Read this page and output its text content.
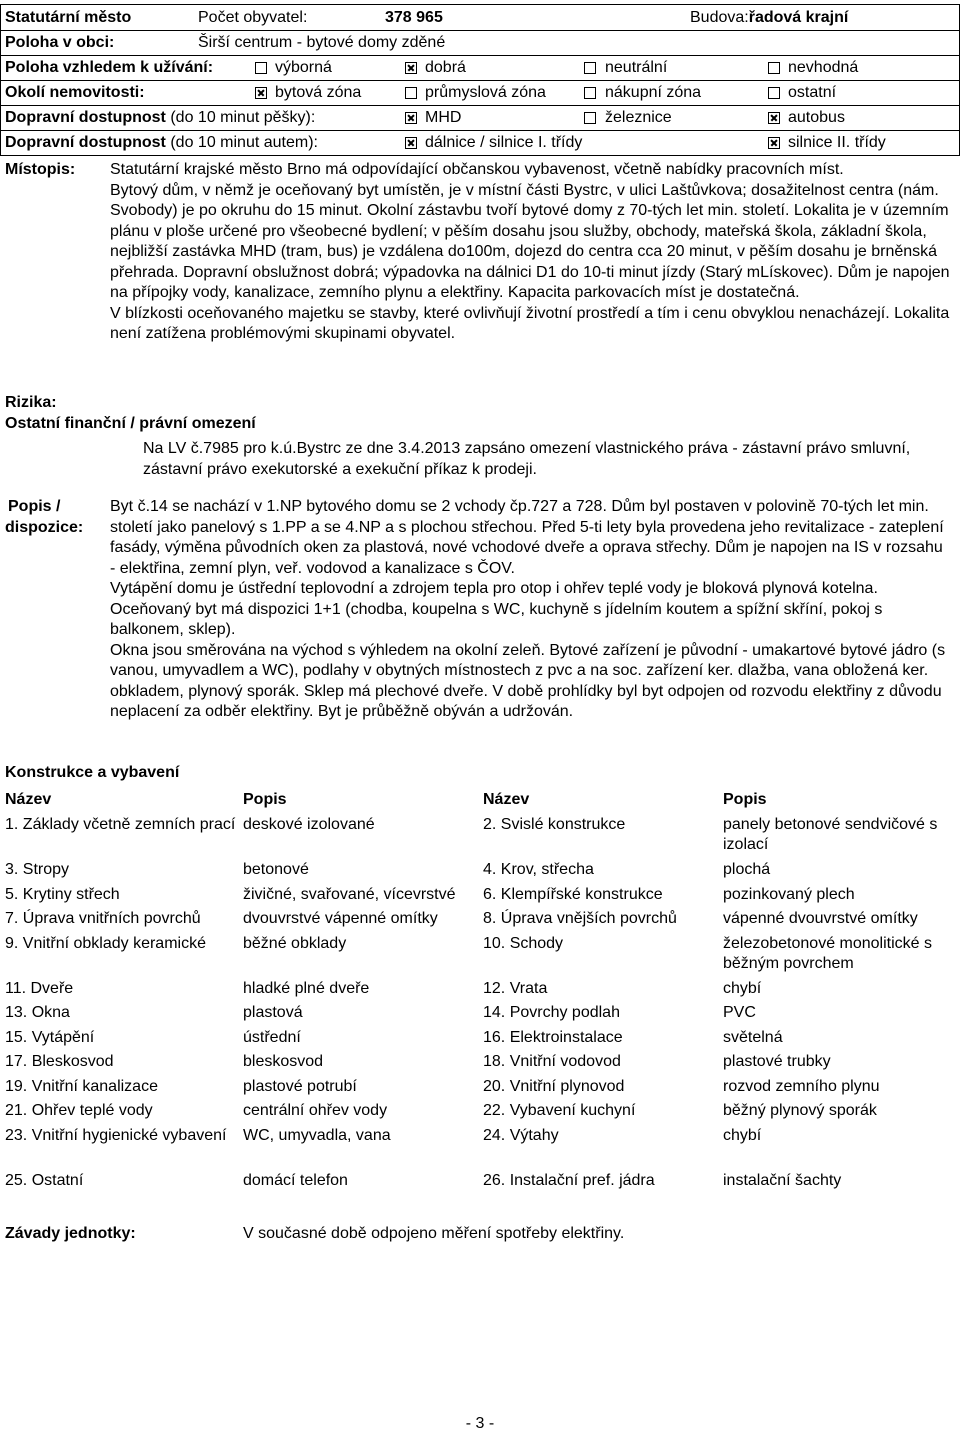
Statutární město	Počet obyvatel:	378 965	Budova:řadová krajní
Poloha v obci:	Širší centrum - bytové domy zděné
Poloha vzhledem k užívání:	výborná	dobrá	neutrální	nevhodná
Okolí nemovitosti:	bytová zóna	průmyslová zóna	nákupní zóna	ostatní
Dopravní dostupnost (do 10 minut pěšky):	MHD	železnice	autobus
Dopravní dostupnost (do 10 minut autem):	dálnice / silnice I. třídy	silnice II. třídy
Místopis: Statutární krajské město Brno má odpovídající občanskou vybavenost, včetně nabídky pracovních míst.

Bytový dům, v němž je oceňovaný byt umístěn, je v místní části Bystrc, v ulici Laštůvkova; dosažitelnost centra (nám. Svobody) je po okruhu do 15 minut. Okolní zástavbu tvoří bytové domy z 70-tých let min. století. Lokalita je v územním plánu v ploše určené pro všeobecné bydlení; v pěším dosahu jsou služby, obchody, mateřská škola, základní škola, nejbližší zastávka MHD (tram, bus) je vzdálena do100m, dojezd do centra cca 20 minut, v pěším dosahu je brněnská přehrada. Dopravní obslužnost dobrá; výpadovka na dálnici D1 do 10-ti minut jízdy (Starý mLískovec). Dům je napojen na přípojky vody, kanalizace, zemního plynu a elektřiny. Kapacita parkovacích míst je dostatečná.

V blízkosti oceňovaného majetku se stavby, které ovlivňují životní prostředí a tím i cenu obvyklou nenacházejí. Lokalita není zatížena problémovými skupinami obyvatel.

Rizika:
Ostatní finanční / právní omezení
Na LV č.7985 pro k.ú.Bystrc ze dne 3.4.2013 zapsáno omezení vlastnického práva - zástavní právo smluvní, zástavní právo exekutorské a exekuční příkaz k prodeji.
Popis /
dispozice:

Byt č.14 se nachází v 1.NP bytového domu se 2 vchody čp.727 a 728. Dům byl postaven v polovině 70-tých let min. století jako panelový s 1.PP a se 4.NP a s plochou střechou. Před 5-ti lety byla provedena jeho revitalizace - zateplení fasády, výměna původních oken za plastová, nové vchodové dveře a oprava střechy. Dům je napojen na IS v rozsahu - elektřina, zemní plyn, veř. vodovod a kanalizace s ČOV.

Vytápění domu je ústřední teplovodní a zdrojem tepla pro otop i ohřev teplé vody je bloková plynová kotelna.

Oceňovaný byt má dispozici 1+1 (chodba, koupelna s WC, kuchyně s jídelním koutem a spížní skříní, pokoj s balkonem, sklep).

Okna jsou směrována na východ s výhledem na okolní zeleň. Bytové zařízení je původní - umakartové bytové jádro (s vanou, umyvadlem a WC), podlahy v obytných místnostech z pvc a na soc. zařízení ker. dlažba, vana obložená ker. obkladem, plynový sporák. Sklep má plechové dveře. V době prohlídky byl byt odpojen od rozvodu elektřiny z důvodu neplacení za odběr elektřiny. Byt je průběžně obýván a udržován.

Konstrukce a vybavení
Název	Popis	Název	Popis
1. Základy včetně zemních prací	deskové izolované	2. Svislé konstrukce	panely betonové sendvičové s izolací
3. Stropy	betonové	4. Krov, střecha	plochá
5. Krytiny střech	živičné, svařované, vícevrstvé	6. Klempířské konstrukce	pozinkovaný plech
7. Úprava vnitřních povrchů	dvouvrstvé vápenné omítky	8. Úprava vnějších povrchů	vápenné dvouvrstvé omítky
9. Vnitřní obklady keramické	běžné obklady	10. Schody	železobetonové monolitické s běžným povrchem
11. Dveře	hladké plné dveře	12. Vrata	chybí
13. Okna	plastová	14. Povrchy podlah	PVC
15. Vytápění	ústřední	16. Elektroinstalace	světelná
17. Bleskosvod	bleskosvod	18. Vnitřní vodovod	plastové trubky
19. Vnitřní kanalizace	plastové potrubí	20. Vnitřní plynovod	rozvod zemního plynu
21. Ohřev teplé vody	centrální ohřev vody	22. Vybavení kuchyní	běžný plynový sporák
23. Vnitřní hygienické vybavení	WC, umyvadla, vana	24. Výtahy	chybí
25. Ostatní	domácí telefon	26. Instalační pref. jádra	instalační šachty
Závady jednotky:	V současné době odpojeno měření spotřeby elektřiny.
- 3 -
